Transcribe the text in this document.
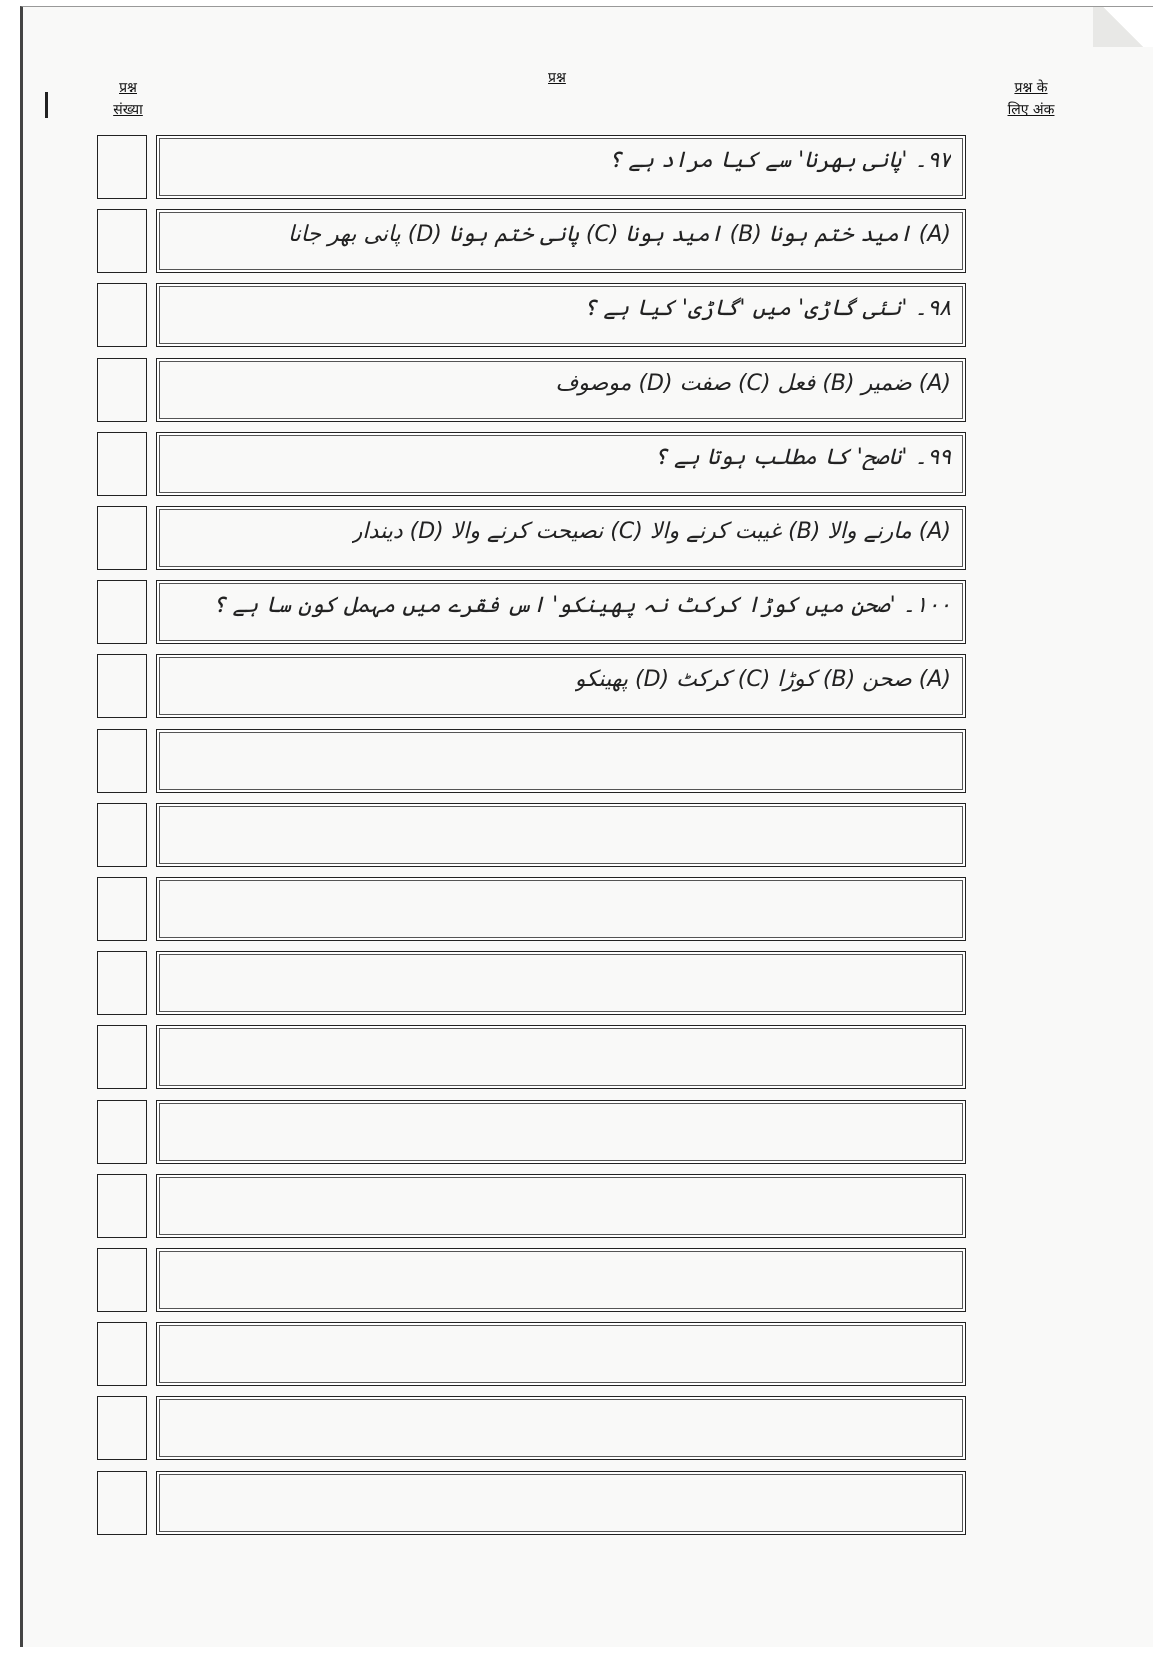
प्रश्न
संख्या
प्रश्न
प्रश्न के
लिए अंक
۹۷۔ 'پانی بھرنا' سے کیا مراد ہے ؟
(A) امید ختم ہونا (B) امید ہونا (C) پانی ختم ہونا (D) پانی بھر جانا
۹۸۔ 'نئی گاڑی' میں 'گاڑی' کیا ہے ؟
(A) ضمیر (B) فعل (C) صفت (D) موصوف
۹۹۔ 'ناصح' کا مطلب ہوتا ہے ؟
(A) مارنے والا (B) غیبت کرنے والا (C) نصیحت کرنے والا (D) دیندار
۱۰۰۔ 'صحن میں کوڑا کرکٹ نہ پھینکو' اس فقرے میں مہمل کون سا ہے ؟
(A) صحن (B) کوڑا (C) کرکٹ (D) پھینکو
